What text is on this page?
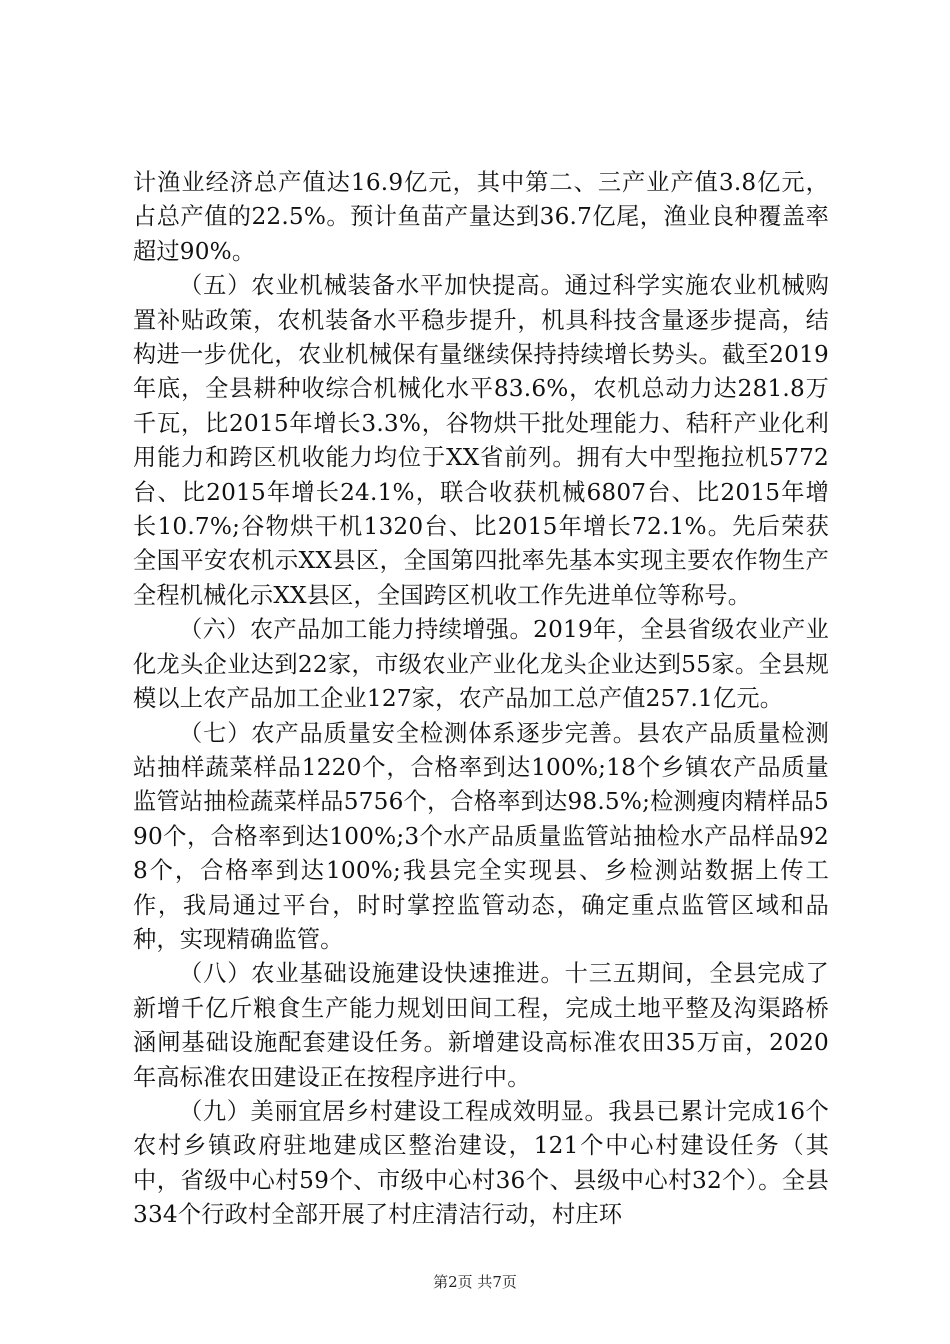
计渔业经济总产值达16.9亿元，其中第二、三产业产值3.8亿元，占总产值的22.5%。预计鱼苗产量达到36.7亿尾，渔业良种覆盖率超过90%。

（五）农业机械装备水平加快提高。通过科学实施农业机械购置补贴政策，农机装备水平稳步提升，机具科技含量逐步提高，结构进一步优化，农业机械保有量继续保持持续增长势头。截至2019年底，全县耕种收综合机械化水平83.6%，农机总动力达281.8万千瓦，比2015年增长3.3%，谷物烘干批处理能力、秸秆产业化利用能力和跨区机收能力均位于XX省前列。拥有大中型拖拉机5772台、比2015年增长24.1%，联合收获机械6807台、比2015年增长10.7%;谷物烘干机1320台、比2015年增长72.1%。先后荣获全国平安农机示XX县区，全国第四批率先基本实现主要农作物生产全程机械化示XX县区，全国跨区机收工作先进单位等称号。

（六）农产品加工能力持续增强。2019年，全县省级农业产业化龙头企业达到22家，市级农业产业化龙头企业达到55家。全县规模以上农产品加工企业127家，农产品加工总产值257.1亿元。

（七）农产品质量安全检测体系逐步完善。县农产品质量检测站抽样蔬菜样品1220个，合格率到达100%;18个乡镇农产品质量监管站抽检蔬菜样品5756个，合格率到达98.5%;检测瘦肉精样品590个，合格率到达100%;3个水产品质量监管站抽检水产品样品928个，合格率到达100%;我县完全实现县、乡检测站数据上传工作，我局通过平台，时时掌控监管动态，确定重点监管区域和品种，实现精确监管。

（八）农业基础设施建设快速推进。十三五期间，全县完成了新增千亿斤粮食生产能力规划田间工程，完成土地平整及沟渠路桥涵闸基础设施配套建设任务。新增建设高标准农田35万亩，2020年高标准农田建设正在按程序进行中。

（九）美丽宜居乡村建设工程成效明显。我县已累计完成16个农村乡镇政府驻地建成区整治建设，121个中心村建设任务（其中，省级中心村59个、市级中心村36个、县级中心村32个）。全县334个行政村全部开展了村庄清洁行动，村庄环

第2页 共7页
